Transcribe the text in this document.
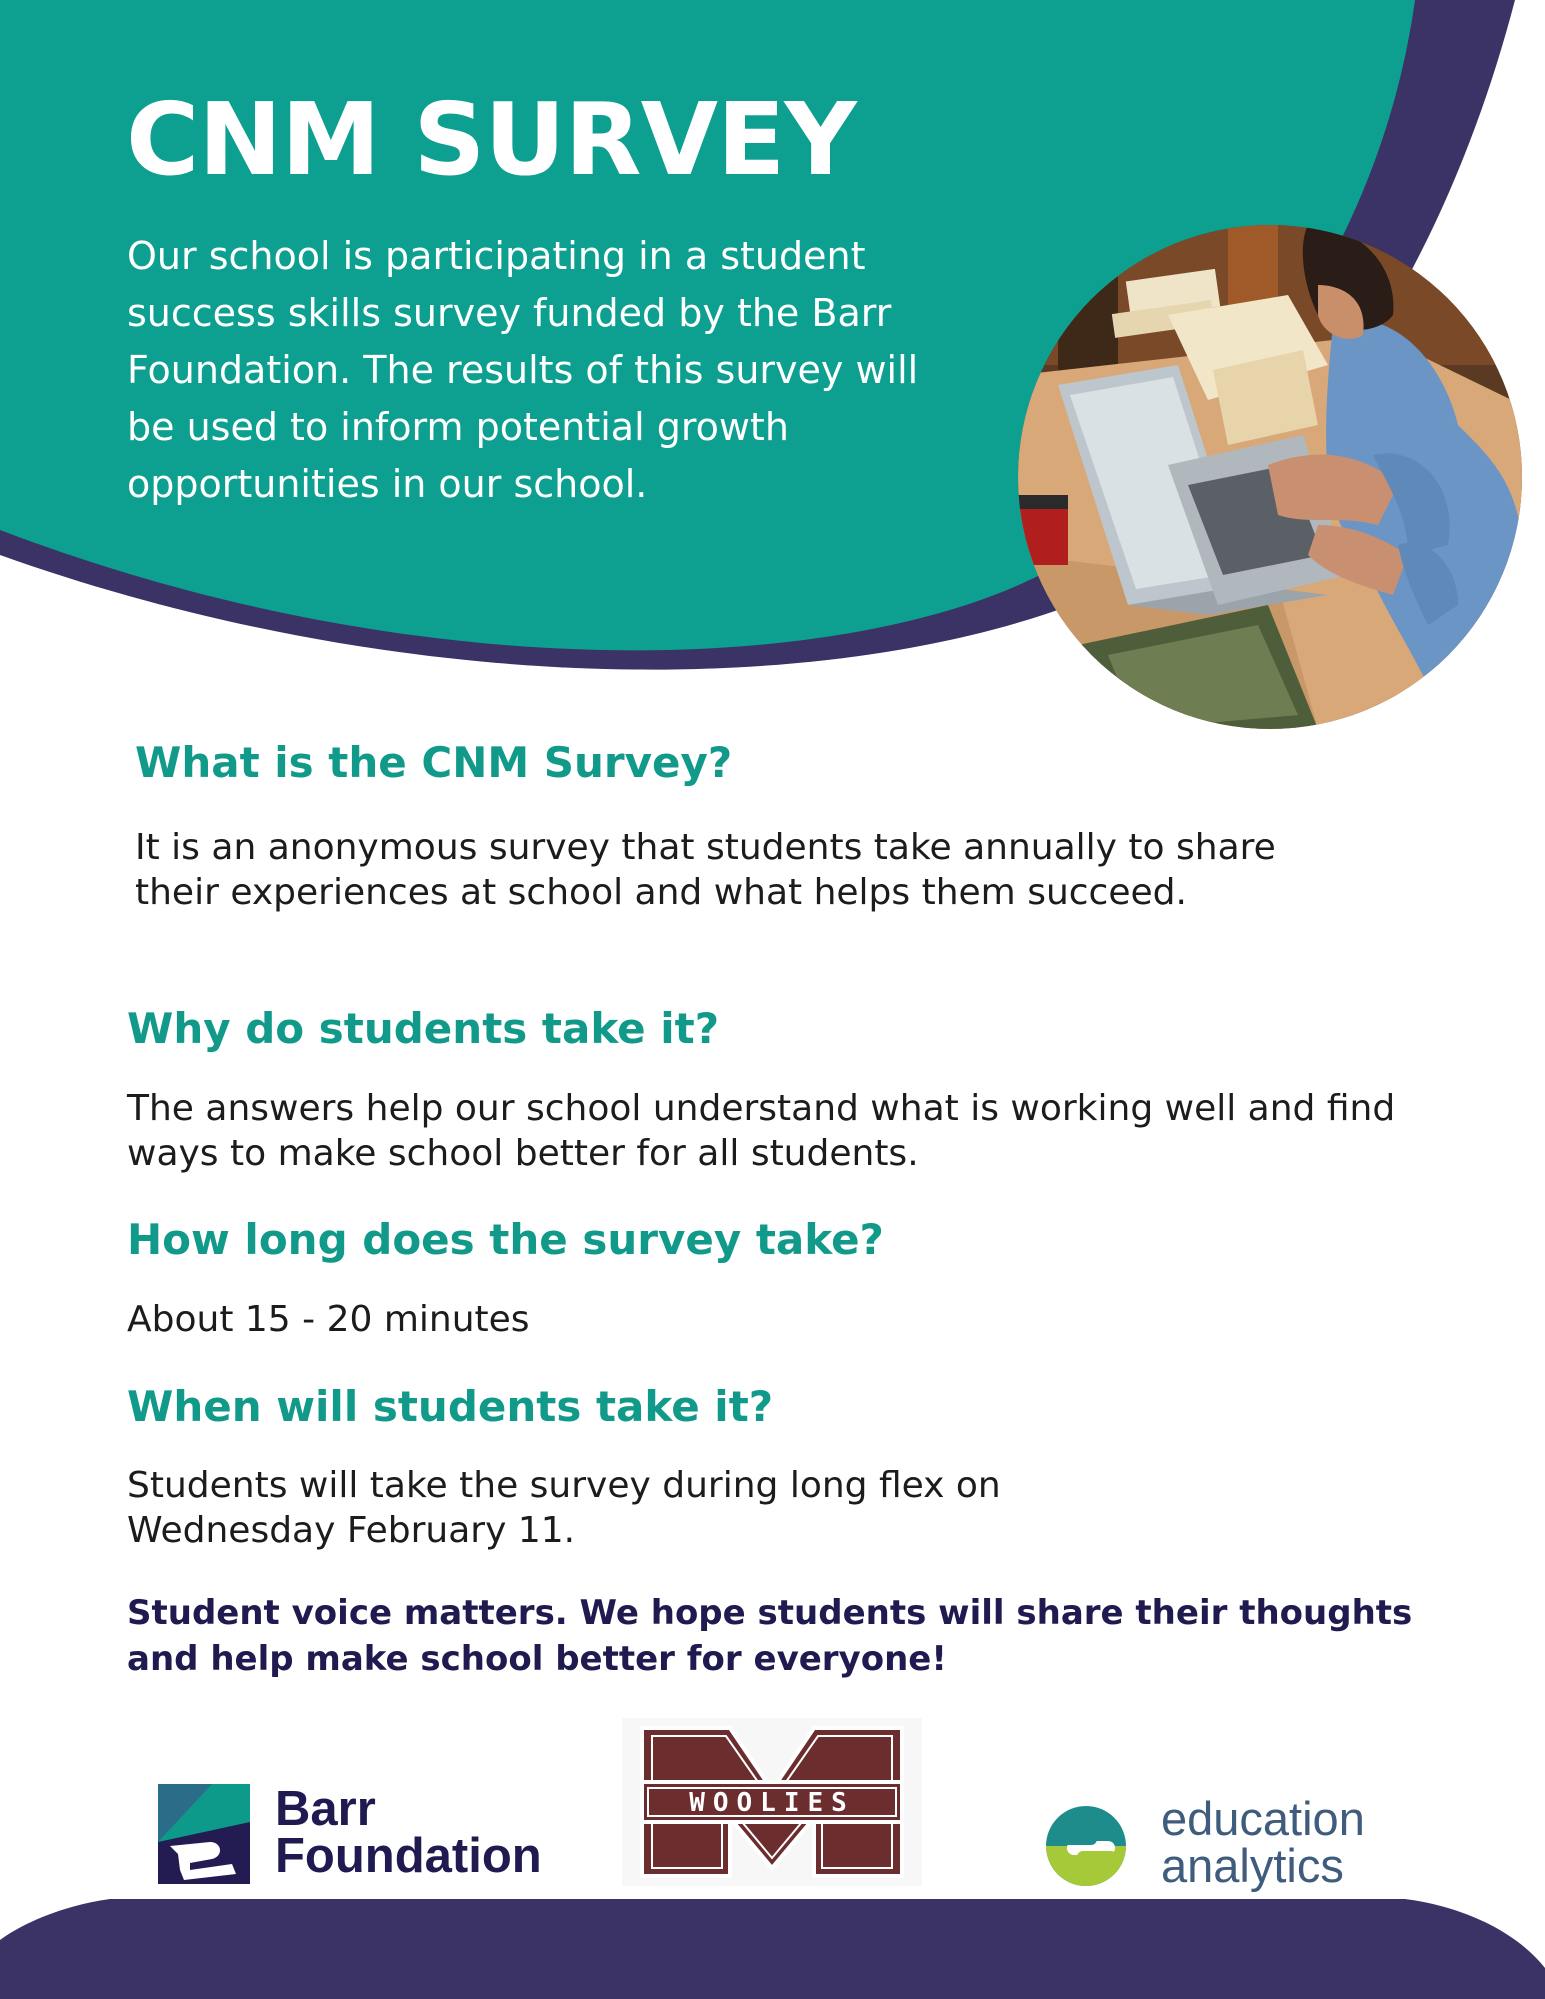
CNM SURVEY

Our school is participating in a student success skills survey funded by the Barr Foundation. The results of this survey will be used to inform potential growth opportunities in our school.

What is the CNM Survey?

It is an anonymous survey that students take annually to share their experiences at school and what helps them succeed.

Why do students take it?

The answers help our school understand what is working well and find ways to make school better for all students.

How long does the survey take?

About 15 - 20 minutes

When will students take it?

Students will take the survey during long flex on Wednesday February 11.

Student voice matters. We hope students will share their thoughts and help make school better for everyone!

Barr
Foundation
WOOLIES	education
analytics
